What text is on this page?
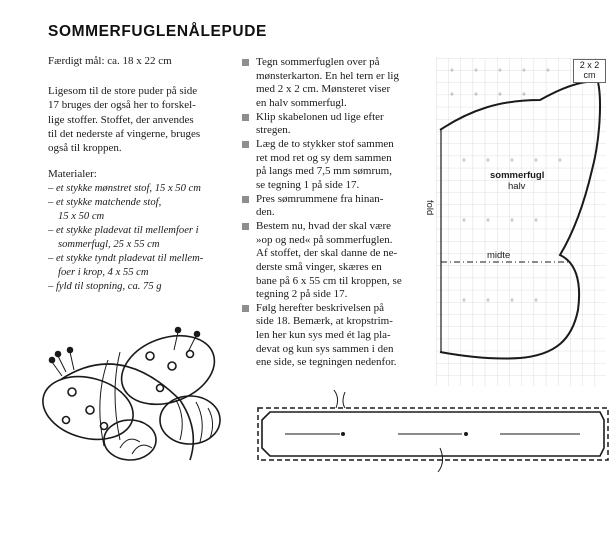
SOMMERFUGLENÅLEPUDE
Færdigt mål: ca. 18 x 22 cm
Ligesom til de store puder på side
17 bruges der også her to forskel-
lige stoffer. Stoffet, der anvendes
til det nederste af vingerne, bruges
også til kroppen.
Materialer:
– et stykke mønstret stof, 15 x 50 cm
– et stykke matchende stof,
15 x 50 cm
– et stykke pladevat til mellemfoer i
sommerfugl, 25 x 55 cm
– et stykke tyndt pladevat til mellem-
foer i krop, 4 x 55 cm
– fyld til stopning, ca. 75 g
Tegn sommerfuglen over på
mønsterkarton. En hel tern er lig
med 2 x 2 cm. Mønsteret viser
en halv sommerfugl.
Klip skabelonen ud lige efter
stregen.
Læg de to stykker stof sammen
ret mod ret og sy dem sammen
på langs med 7,5 mm sømrum,
se tegning 1 på side 17.
Pres sømrummene fra hinan-
den.
Bestem nu, hvad der skal være
»op og ned« på sommerfuglen.
Af stoffet, der skal danne de ne-
derste små vinger, skæres en
bane på 6 x 55 cm til kroppen, se
tegning 2 på side 17.
Følg herefter beskrivelsen på
side 18. Bemærk, at kropstrim-
len her kun sys med ét lag pla-
devat og kun sys sammen i den
ene side, se tegningen nedenfor.
2 x 2
cm
sommerfugl
halv
fold
midte
